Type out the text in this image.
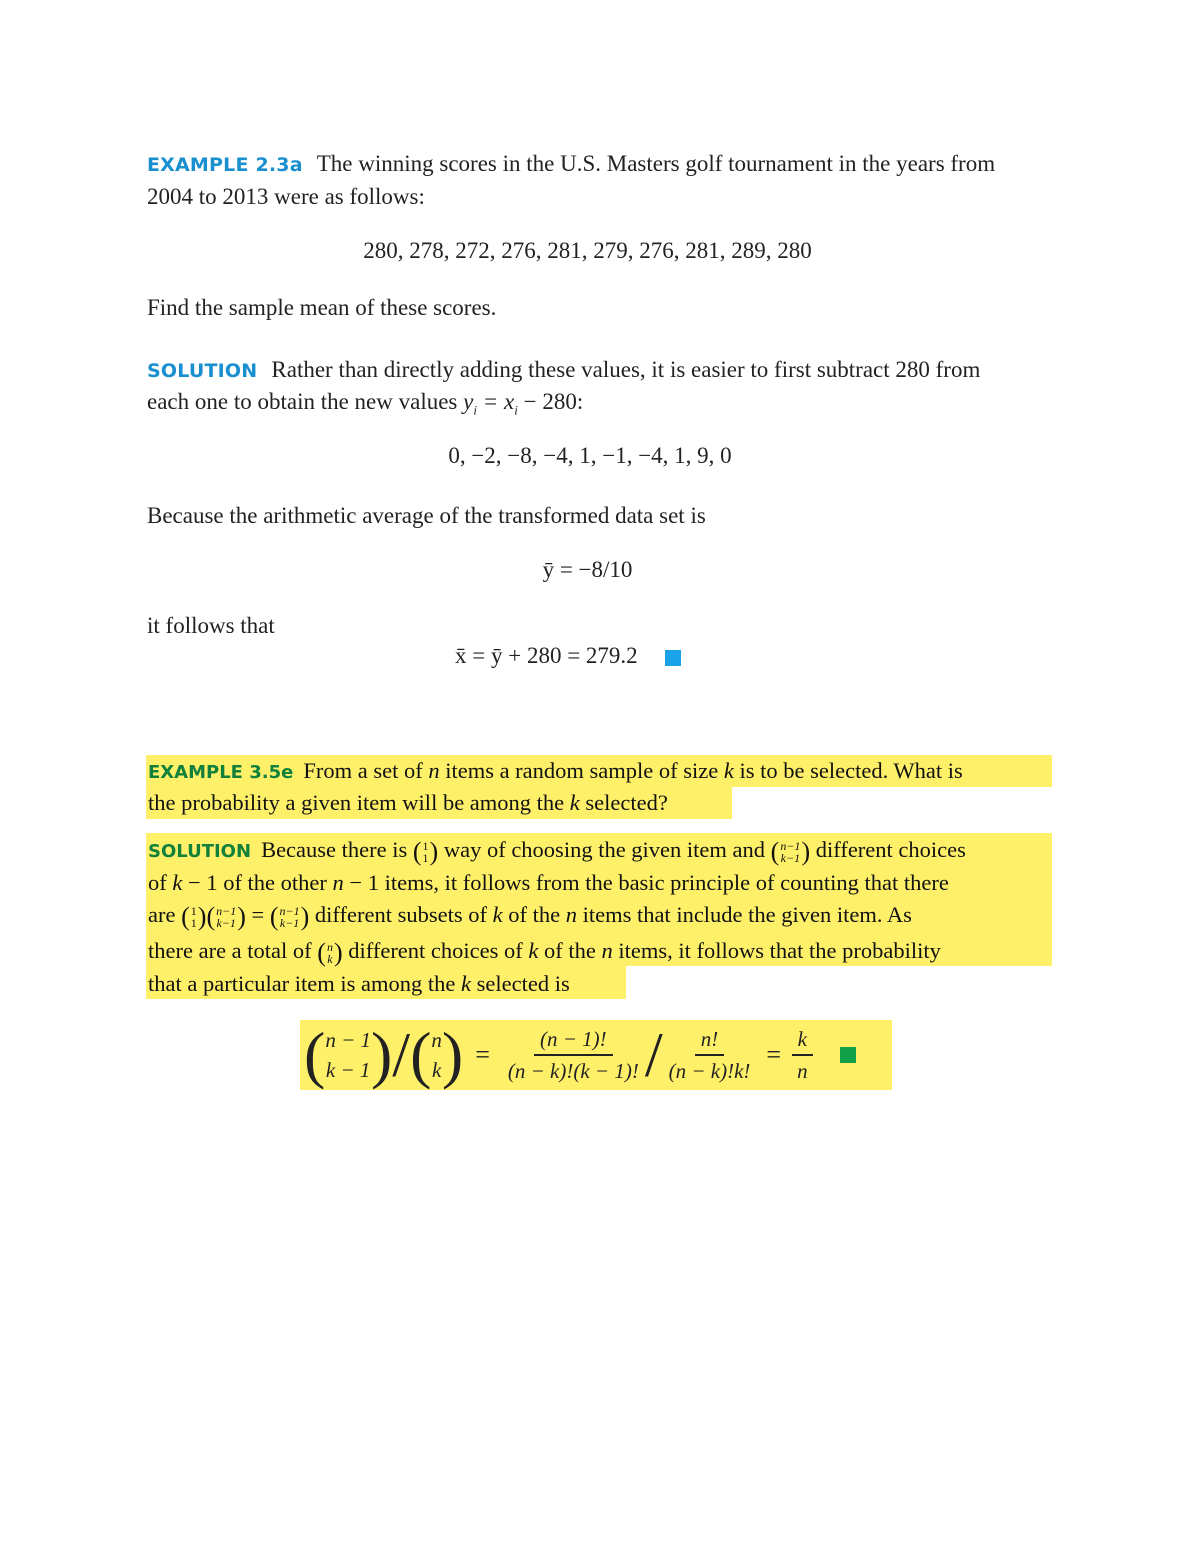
EXAMPLE 2.3a The winning scores in the U.S. Masters golf tournament in the years from
2004 to 2013 were as follows:
280, 278, 272, 276, 281, 279, 276, 281, 289, 280
Find the sample mean of these scores.
SOLUTION Rather than directly adding these values, it is easier to first subtract 280 from
each one to obtain the new values $y_i = x_i - 280$:
0, −2, −8, −4, 1, −1, −4, 1, 9, 0
Because the arithmetic average of the transformed data set is
ȳ = −8/10
it follows that
x̄ = ȳ + 280 = 279.2
EXAMPLE 3.5e From a set of n items a random sample of size k is to be selected. What is
the probability a given item will be among the k selected?
SOLUTION Because there is ( 1
1 ) way of choosing the given item and ( n−1
k−1 ) different choices
of k − 1 of the other n − 1 items, it follows from the basic principle of counting that there
are ( 1
1 ) ( n−1
k−1 ) = ( n−1
k−1 ) different subsets of k of the n items that include the given item. As
there are a total of ( n
k ) different choices of k of the n items, it follows that the probability
that a particular item is among the k selected is
( n − 1
k − 1 ) / ( n
k ) = $\frac{(n - 1)!}{(n - k)!(k - 1)!} / \frac{n!}{(n - k)!k!} = \frac{k}{n}$
